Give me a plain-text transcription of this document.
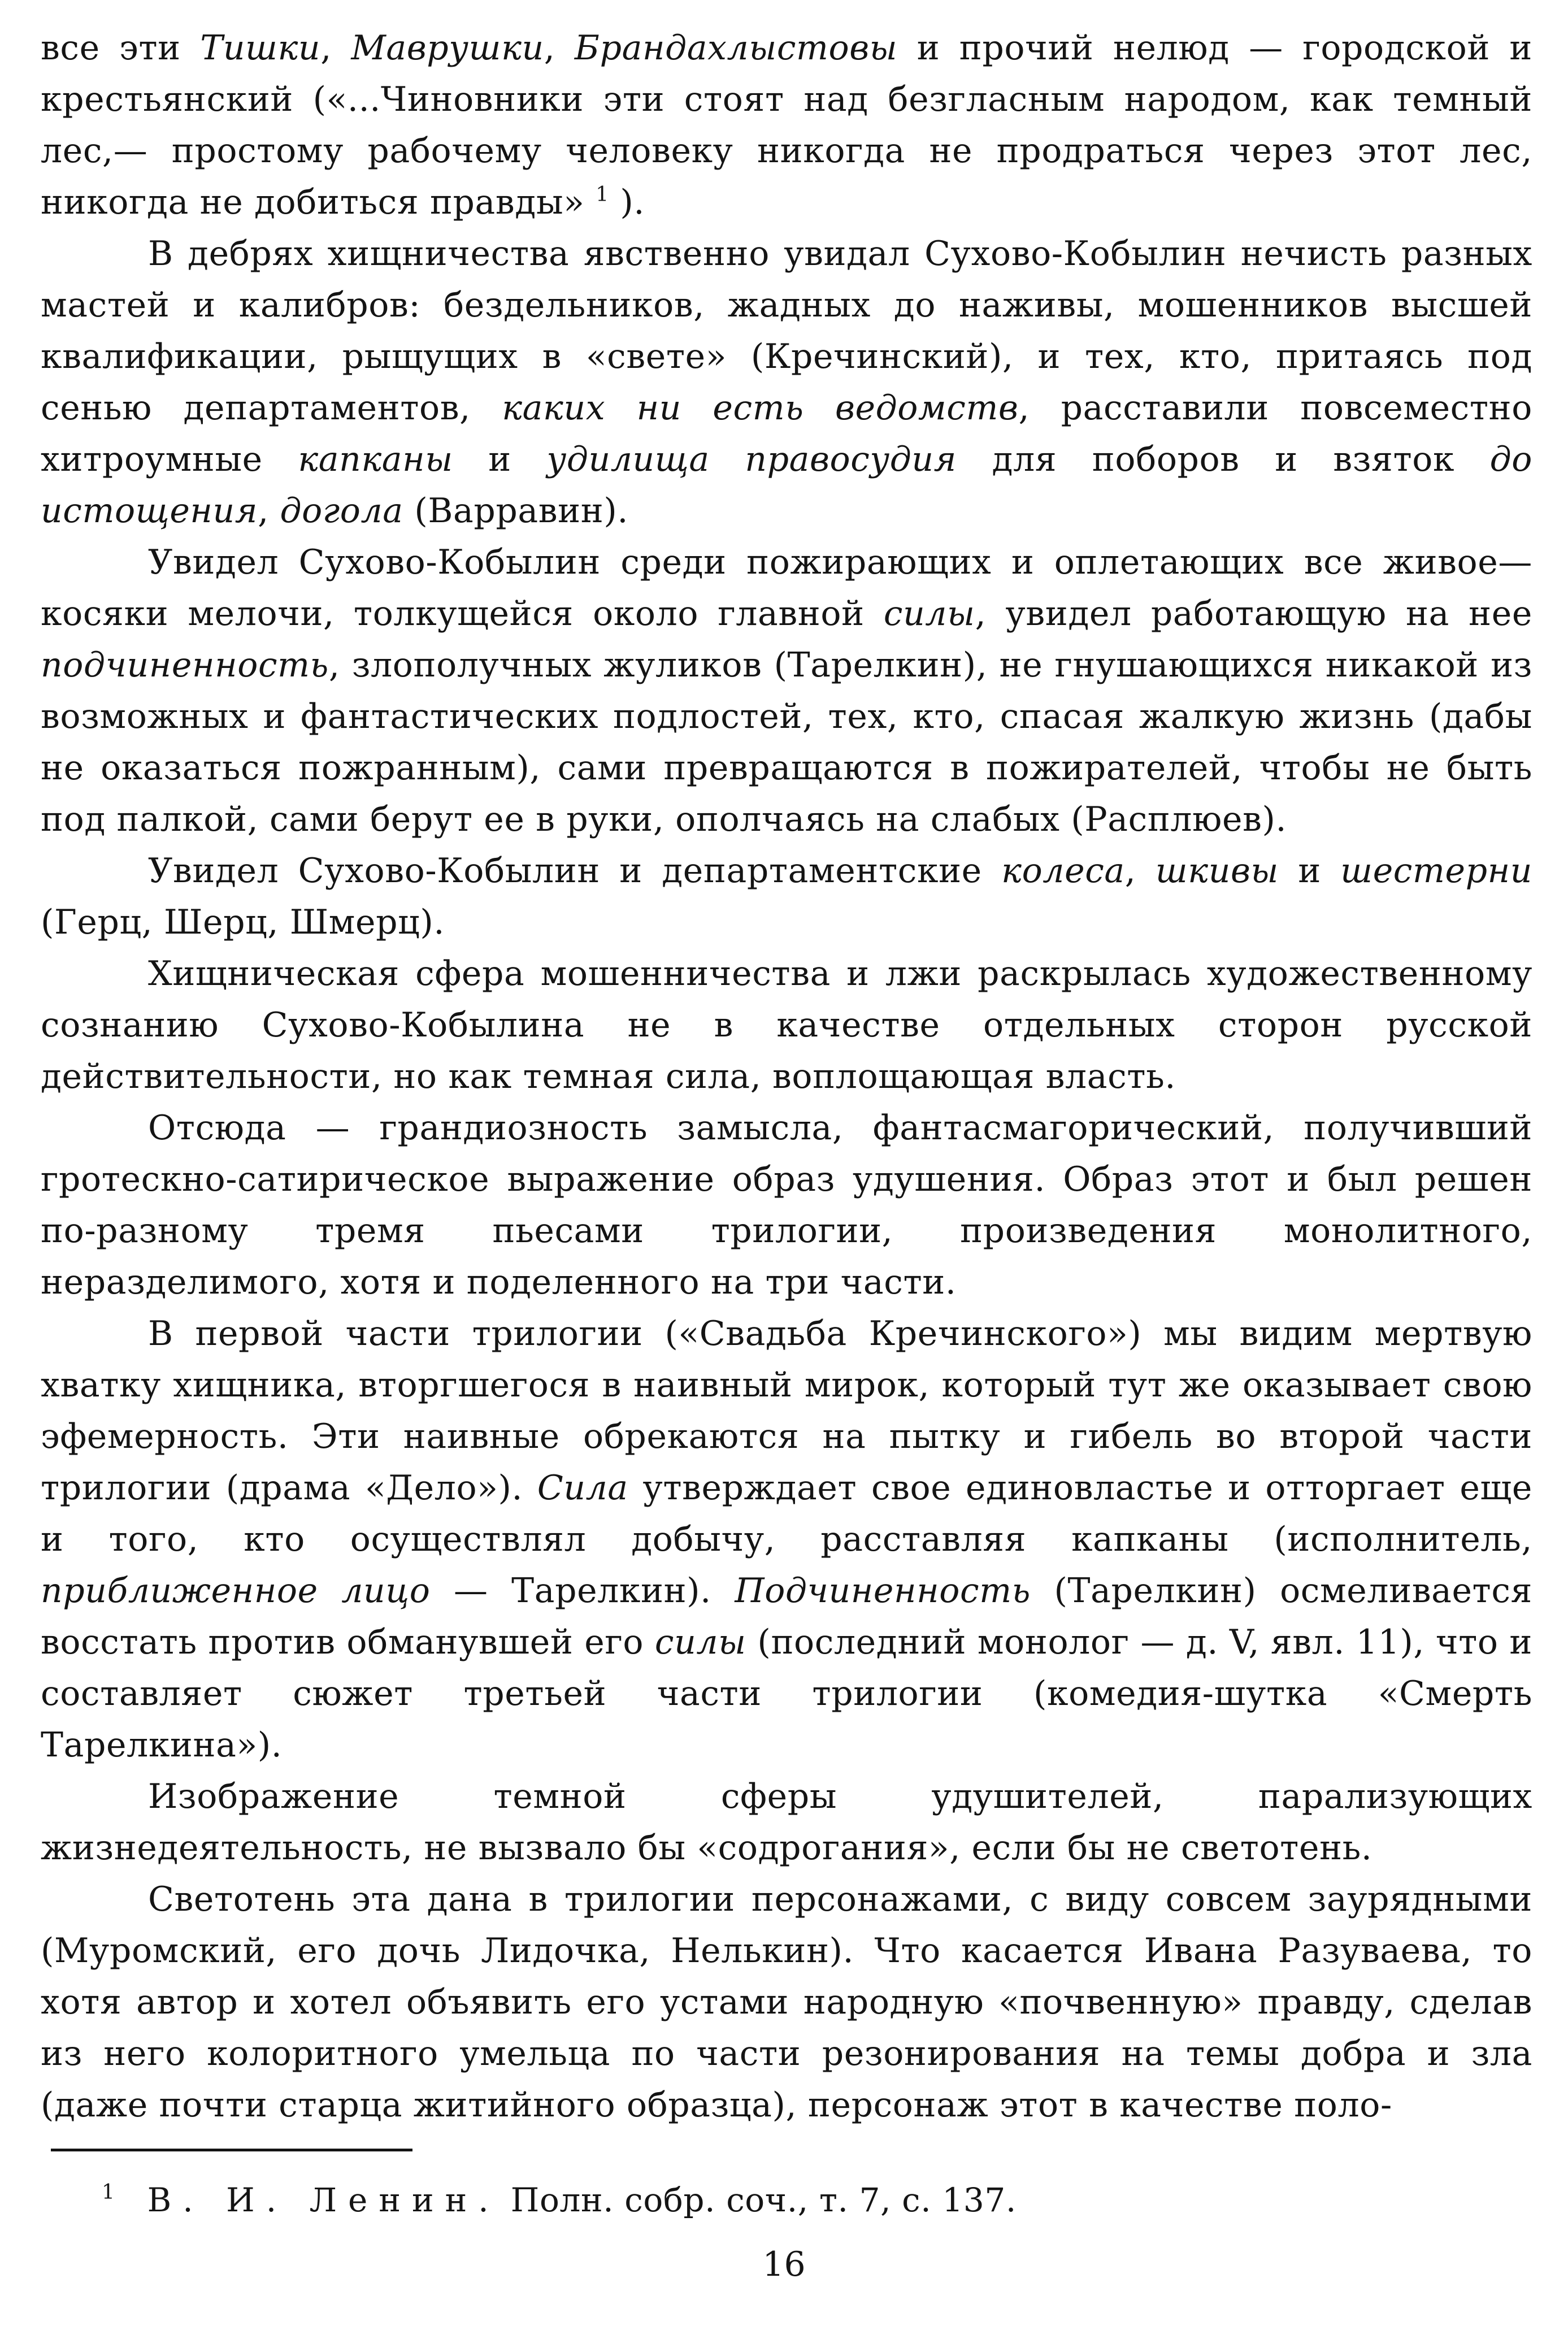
все эти Тишки, Маврушки, Брандахлыстовы и прочий нелюд — городской и крестьянский («...Чиновники эти стоят над безгласным народом, как темный лес,— простому рабочему человеку никогда не продраться через этот лес, никогда не добиться правды» $^1$ ).

В дебрях хищничества явственно увидал Сухово-Кобылин нечисть разных мастей и калибров: бездельников, жадных до наживы, мошенников высшей квалификации, рыщущих в «свете» (Кречинский), и тех, кто, притаясь под сенью департаментов, каких ни есть ведомств, расставили повсеместно хитроумные капканы и удилища правосудия для поборов и взяток до истощения, догола (Варравин).

Увидел Сухово-Кобылин среди пожирающих и оплетающих все живое— косяки мелочи, толкущейся около главной силы, увидел работающую на нее подчиненность, злополучных жуликов (Тарелкин), не гнушающихся никакой из возможных и фантастических подлостей, тех, кто, спасая жалкую жизнь (дабы не оказаться пожранным), сами превращаются в пожирателей, чтобы не быть под палкой, сами берут ее в руки, ополчаясь на слабых (Расплюев).

Увидел Сухово-Кобылин и департаментские колеса, шкивы и шестерни (Герц, Шерц, Шмерц).

Хищническая сфера мошенничества и лжи раскрылась художественному сознанию Сухово-Кобылина не в качестве отдельных сторон русской действительности, но как темная сила, воплощающая власть.

Отсюда — грандиозность замысла, фантасмагорический, получивший гротескно-сатирическое выражение образ удушения. Образ этот и был решен по-разному тремя пьесами трилогии, произведения монолитного, неразделимого, хотя и поделенного на три части.

В первой части трилогии («Свадьба Кречинского») мы видим мертвую хватку хищника, вторгшегося в наивный мирок, который тут же оказывает свою эфемерность. Эти наивные обрекаются на пытку и гибель во второй части трилогии (драма «Дело»). Сила утверждает свое единовластье и отторгает еще и того, кто осуществлял добычу, расставляя капканы (исполнитель, приближенное лицо — Тарелкин). Подчиненность (Тарелкин) осмеливается восстать против обманувшей его силы (последний монолог — д. V, явл. 11), что и составляет сюжет третьей части трилогии (комедия-шутка «Смерть Тарелкина»).

Изображение темной сферы удушителей, парализующих жизнедеятельность, не вызвало бы «содрогания», если бы не светотень.

Светотень эта дана в трилогии персонажами, с виду совсем заурядными (Муромский, его дочь Лидочка, Нелькин). Что касается Ивана Разуваева, то хотя автор и хотел объявить его устами народную «почвенную» правду, сделав из него колоритного умельца по части резонирования на темы добра и зла (даже почти старца житийного образца), персонаж этот в качестве поло-

$^1$ В. И. Ленин. Полн. собр. соч., т. 7, с. 137.
16
